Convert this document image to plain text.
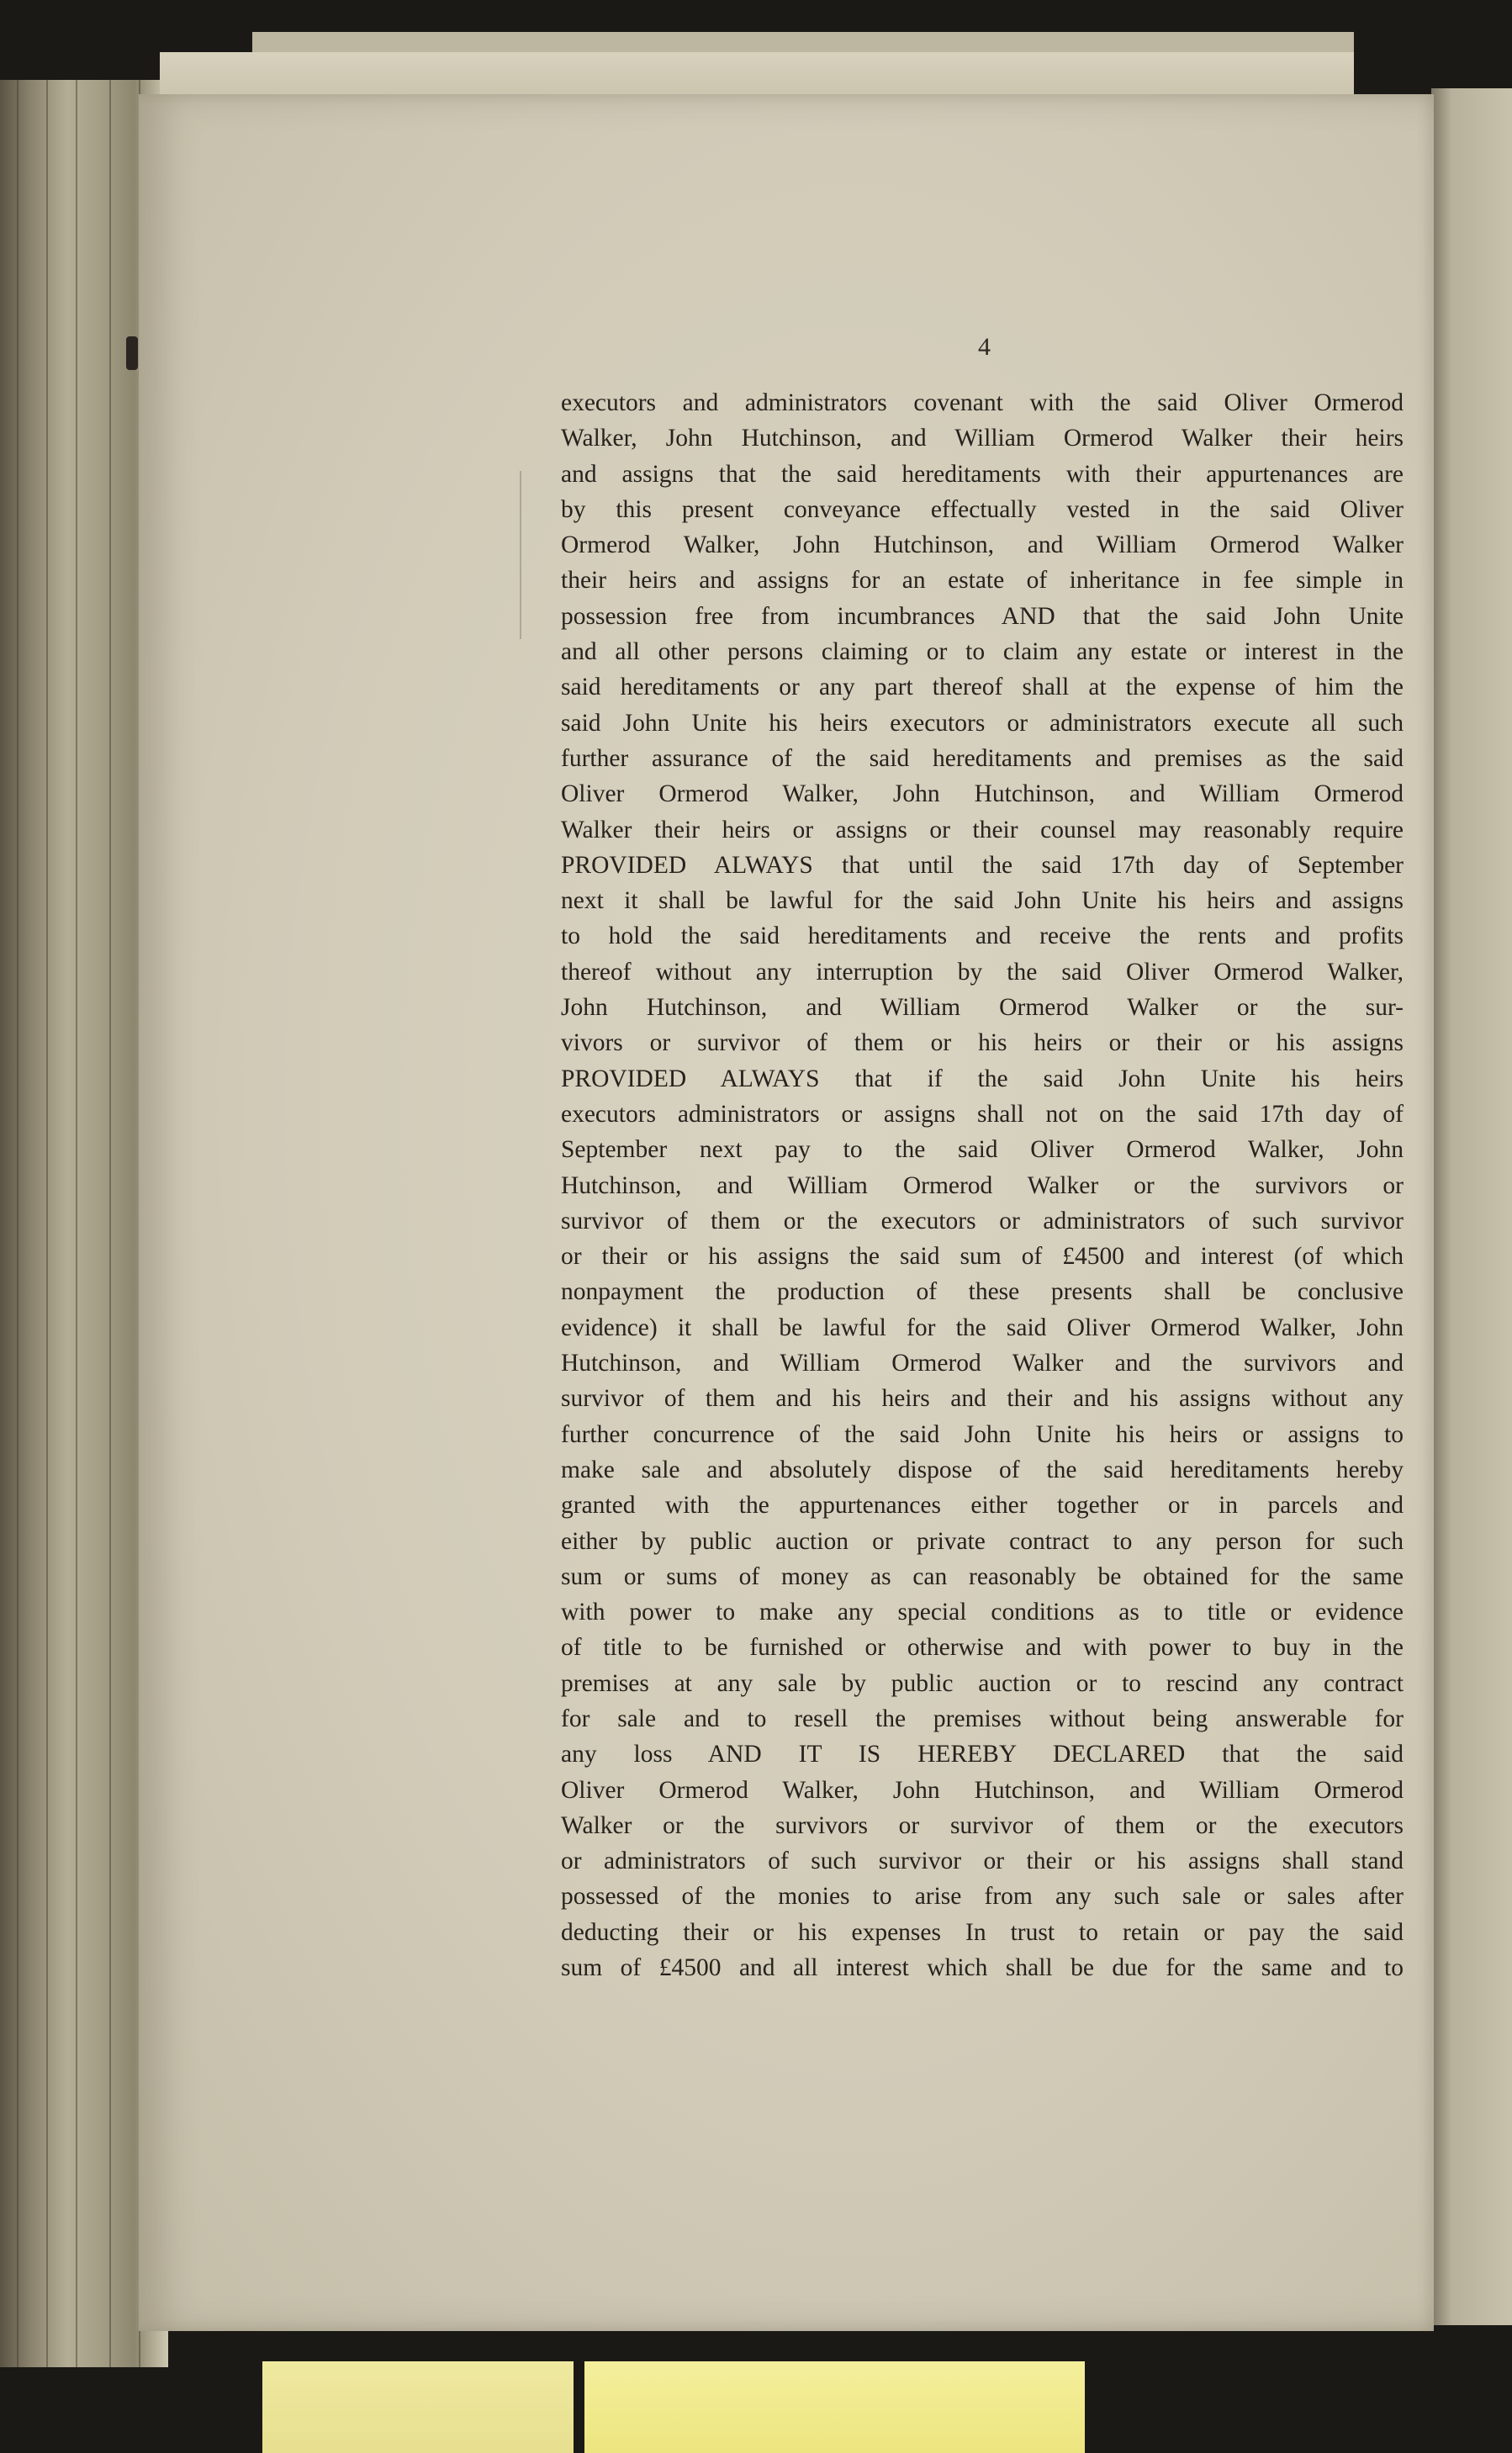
4
executors and administrators covenant with the said Oliver Ormerod
Walker, John Hutchinson, and William Ormerod Walker their heirs
and assigns that the said hereditaments with their appurtenances are
by this present conveyance effectually vested in the said Oliver
Ormerod Walker, John Hutchinson, and William Ormerod Walker
their heirs and assigns for an estate of inheritance in fee simple in
possession free from incumbrances AND that the said John Unite
and all other persons claiming or to claim any estate or interest in the
said hereditaments or any part thereof shall at the expense of him the
said John Unite his heirs executors or administrators execute all such
further assurance of the said hereditaments and premises as the said
Oliver Ormerod Walker, John Hutchinson, and William Ormerod
Walker their heirs or assigns or their counsel may reasonably require
PROVIDED ALWAYS that until the said 17th day of September
next it shall be lawful for the said John Unite his heirs and assigns
to hold the said hereditaments and receive the rents and profits
thereof without any interruption by the said Oliver Ormerod Walker,
John Hutchinson, and William Ormerod Walker or the sur-
vivors or survivor of them or his heirs or their or his assigns
PROVIDED ALWAYS that if the said John Unite his heirs
executors administrators or assigns shall not on the said 17th day of
September next pay to the said Oliver Ormerod Walker, John
Hutchinson, and William Ormerod Walker or the survivors or
survivor of them or the executors or administrators of such survivor
or their or his assigns the said sum of £4500 and interest (of which
nonpayment the production of these presents shall be conclusive
evidence) it shall be lawful for the said Oliver Ormerod Walker, John
Hutchinson, and William Ormerod Walker and the survivors and
survivor of them and his heirs and their and his assigns without any
further concurrence of the said John Unite his heirs or assigns to
make sale and absolutely dispose of the said hereditaments hereby
granted with the appurtenances either together or in parcels and
either by public auction or private contract to any person for such
sum or sums of money as can reasonably be obtained for the same
with power to make any special conditions as to title or evidence
of title to be furnished or otherwise and with power to buy in the
premises at any sale by public auction or to rescind any contract
for sale and to resell the premises without being answerable for
any loss AND IT IS HEREBY DECLARED that the said
Oliver Ormerod Walker, John Hutchinson, and William Ormerod
Walker or the survivors or survivor of them or the executors
or administrators of such survivor or their or his assigns shall stand
possessed of the monies to arise from any such sale or sales after
deducting their or his expenses In trust to retain or pay the said
sum of £4500 and all interest which shall be due for the same and to
